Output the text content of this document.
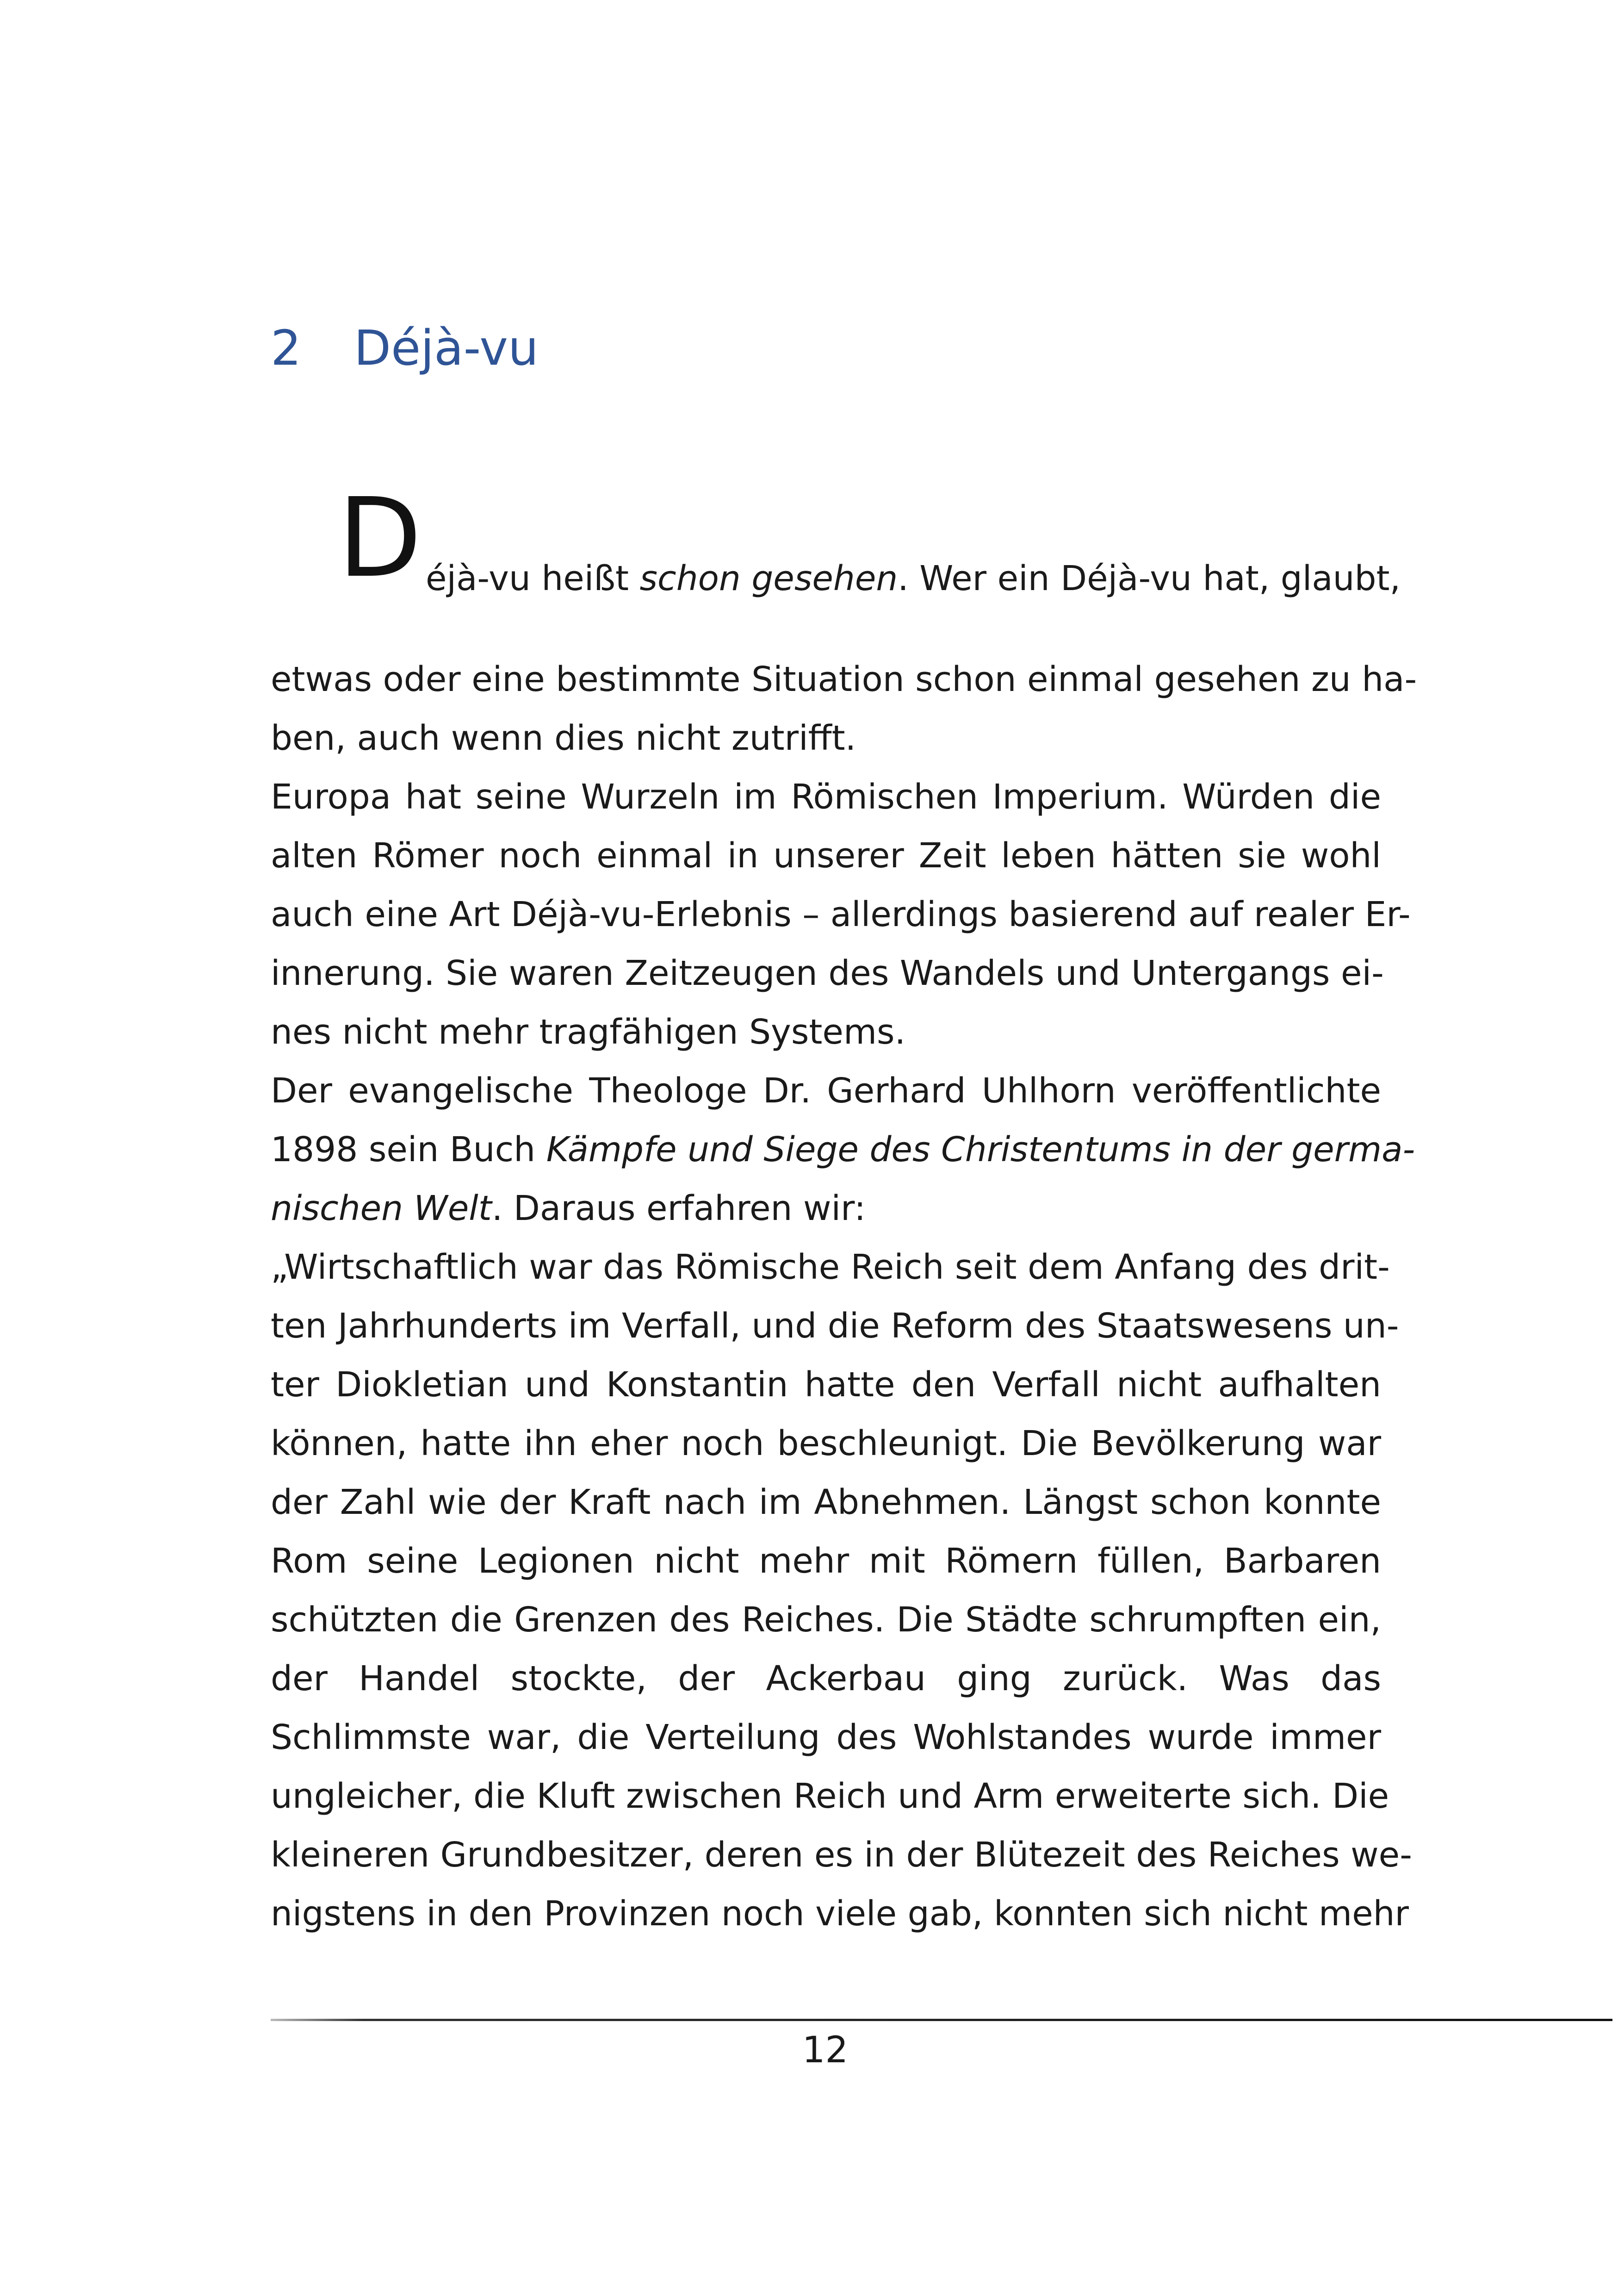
2 Déjà-vu
D éjà-vu heißt schon gesehen. Wer ein Déjà-vu hat, glaubt,
etwas oder eine bestimmte Situation schon einmal gesehen zu ha-
ben, auch wenn dies nicht zutrifft.
Europa hat seine Wurzeln im Römischen Imperium. Würden die
alten Römer noch einmal in unserer Zeit leben hätten sie wohl
auch eine Art Déjà-vu-Erlebnis – allerdings basierend auf realer Er-
innerung. Sie waren Zeitzeugen des Wandels und Untergangs ei-
nes nicht mehr tragfähigen Systems.
Der evangelische Theologe Dr. Gerhard Uhlhorn veröffentlichte
1898 sein Buch Kämpfe und Siege des Christentums in der germa-
nischen Welt. Daraus erfahren wir:
„Wirtschaftlich war das Römische Reich seit dem Anfang des drit-
ten Jahrhunderts im Verfall, und die Reform des Staatswesens un-
ter Diokletian und Konstantin hatte den Verfall nicht aufhalten
können, hatte ihn eher noch beschleunigt. Die Bevölkerung war
der Zahl wie der Kraft nach im Abnehmen. Längst schon konnte
Rom seine Legionen nicht mehr mit Römern füllen, Barbaren
schützten die Grenzen des Reiches. Die Städte schrumpften ein,
der Handel stockte, der Ackerbau ging zurück. Was das
Schlimmste war, die Verteilung des Wohlstandes wurde immer
ungleicher, die Kluft zwischen Reich und Arm erweiterte sich. Die
kleineren Grundbesitzer, deren es in der Blütezeit des Reiches we-
nigstens in den Provinzen noch viele gab, konnten sich nicht mehr
12
